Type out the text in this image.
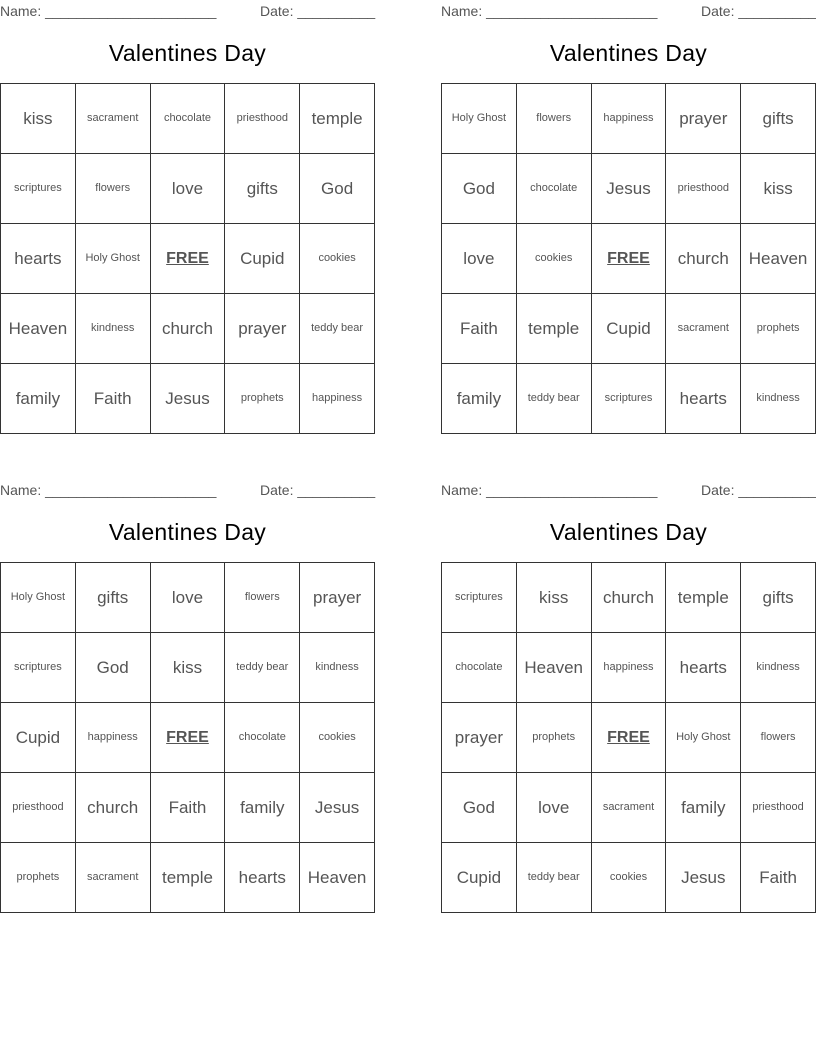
Name: ______________________	Date: __________
Valentines Day
kiss	sacrament	chocolate	priesthood	temple
scriptures	flowers	love	gifts	God
hearts	Holy Ghost	FREE	Cupid	cookies
Heaven	kindness	church	prayer	teddy bear
family	Faith	Jesus	prophets	happiness
Name: ______________________	Date: __________
Valentines Day
Holy Ghost	flowers	happiness	prayer	gifts
God	chocolate	Jesus	priesthood	kiss
love	cookies	FREE	church	Heaven
Faith	temple	Cupid	sacrament	prophets
family	teddy bear	scriptures	hearts	kindness
Name: ______________________	Date: __________
Valentines Day
Holy Ghost	gifts	love	flowers	prayer
scriptures	God	kiss	teddy bear	kindness
Cupid	happiness	FREE	chocolate	cookies
priesthood	church	Faith	family	Jesus
prophets	sacrament	temple	hearts	Heaven
Name: ______________________	Date: __________
Valentines Day
scriptures	kiss	church	temple	gifts
chocolate	Heaven	happiness	hearts	kindness
prayer	prophets	FREE	Holy Ghost	flowers
God	love	sacrament	family	priesthood
Cupid	teddy bear	cookies	Jesus	Faith
